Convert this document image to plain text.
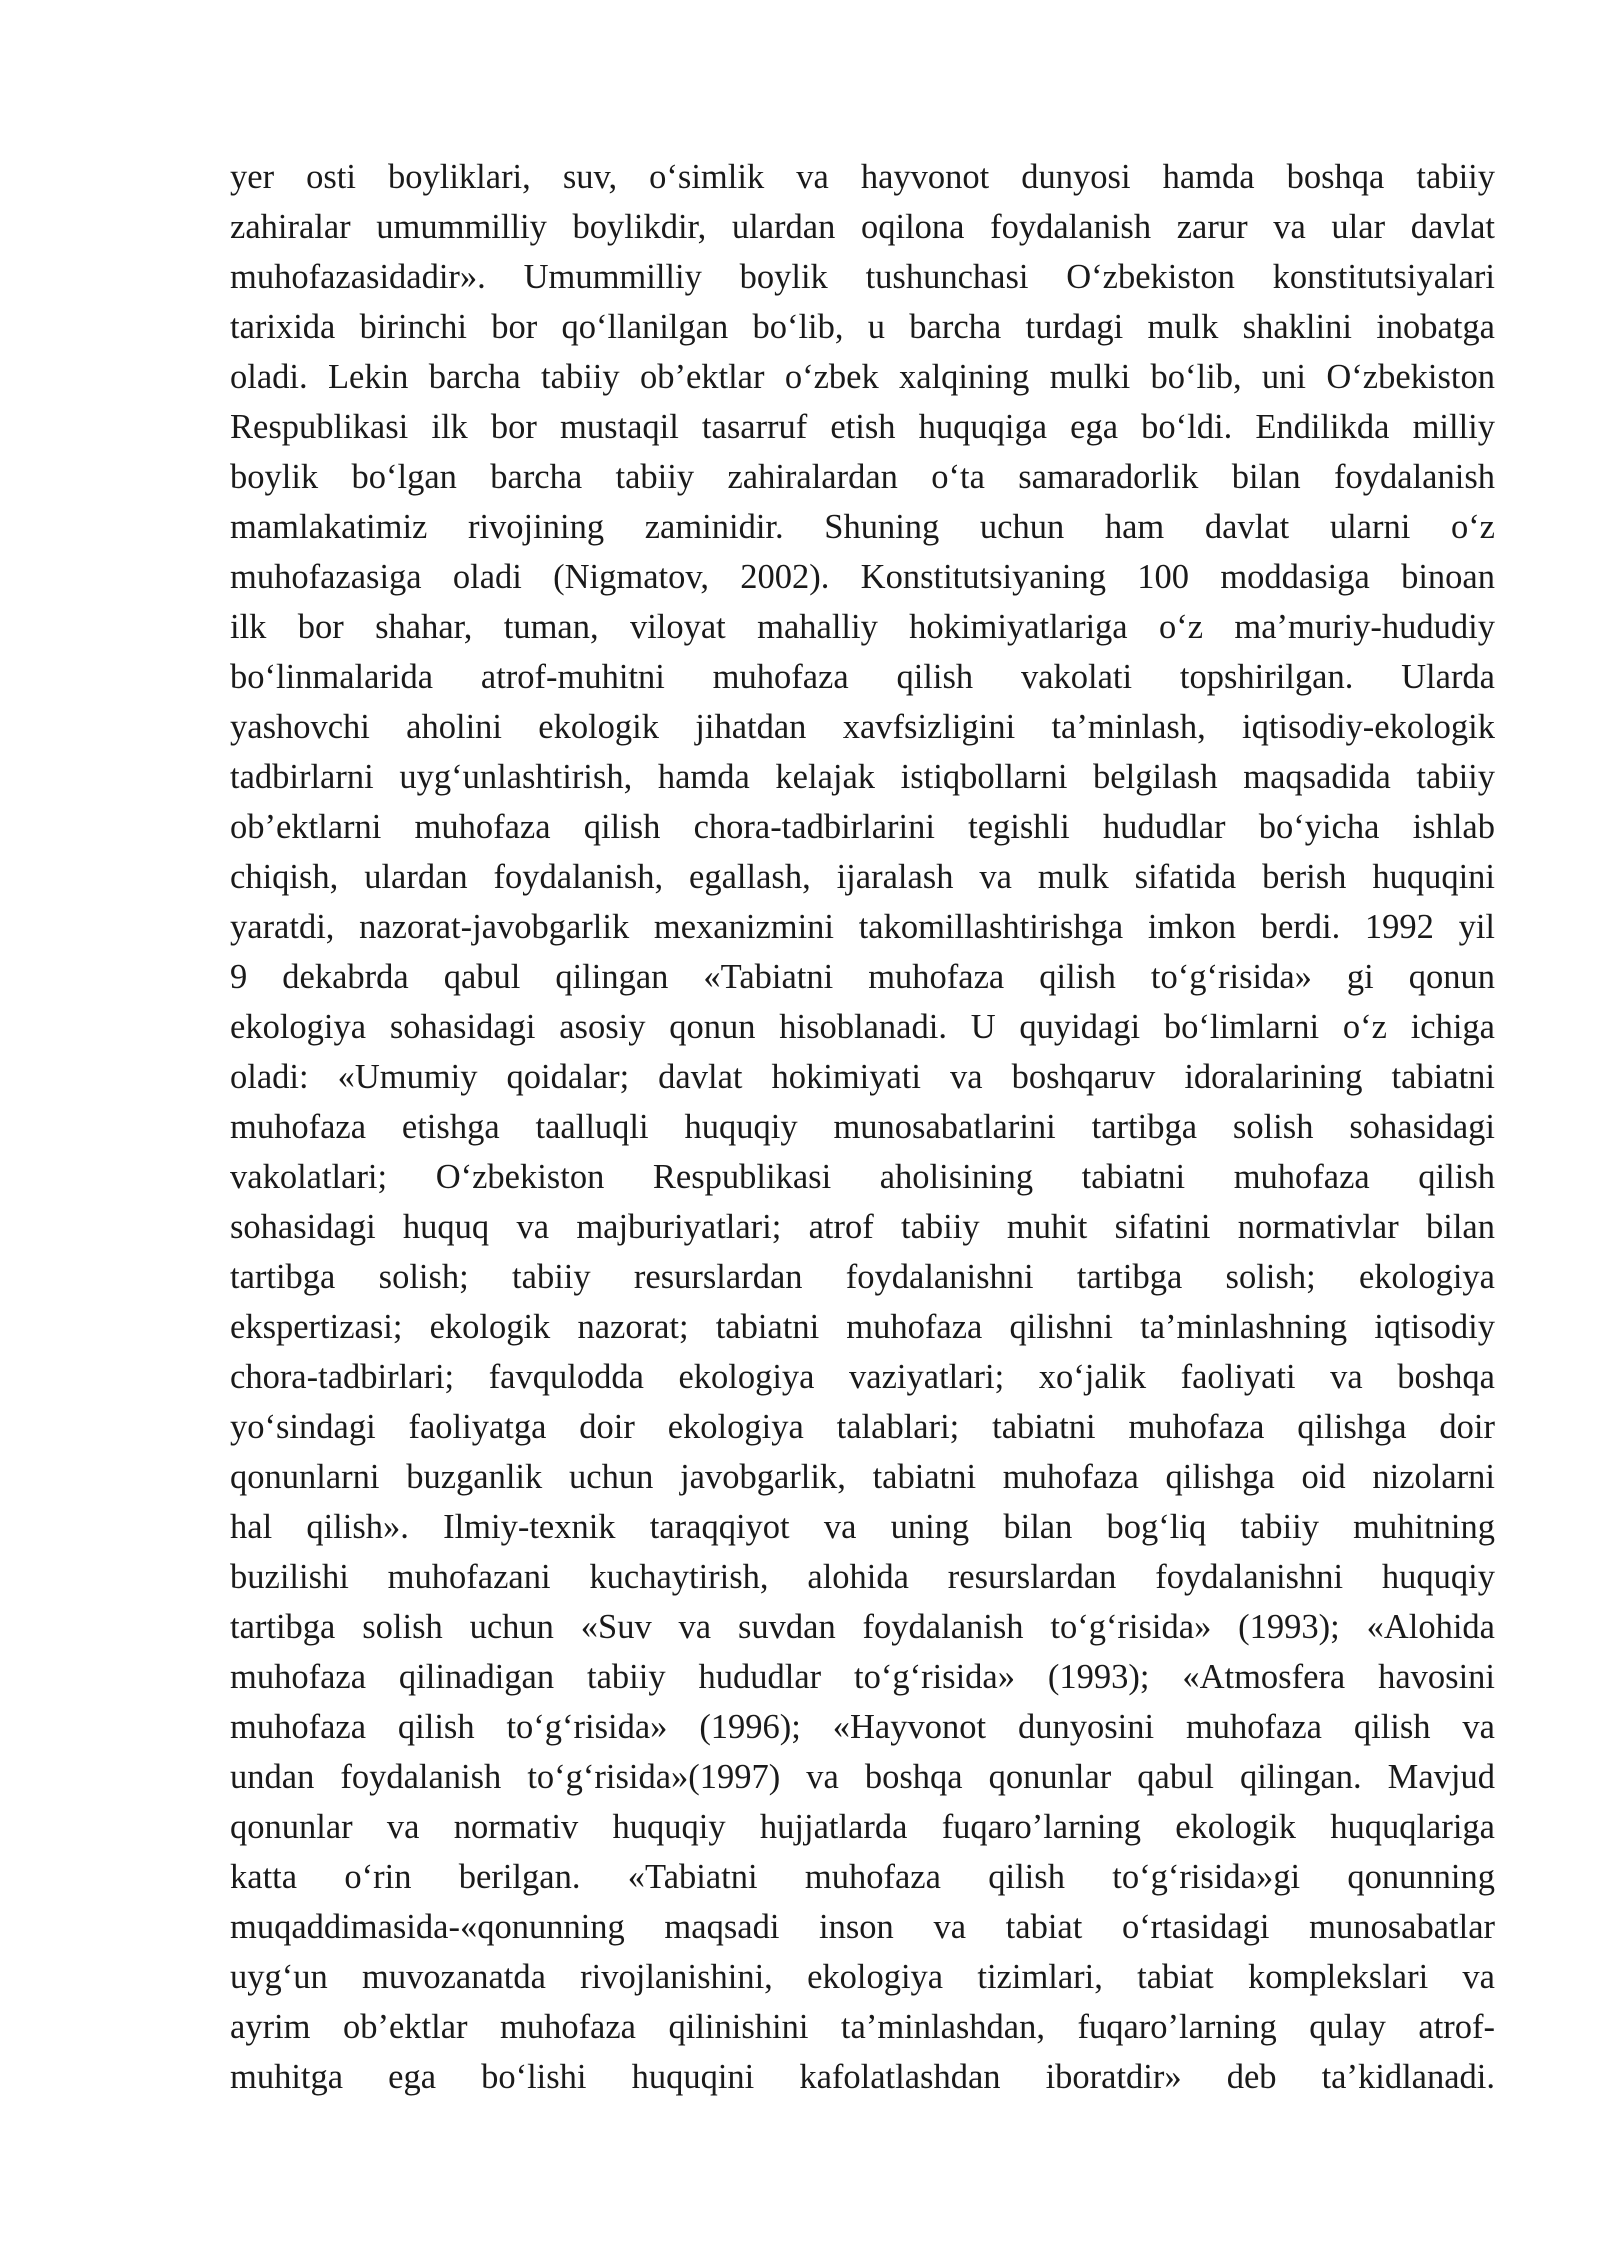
yer osti boyliklari, suv, o‘simlik va hayvonot dunyosi hamda boshqa tabiiy
zahiralar umummilliy boylikdir, ulardan oqilona foydalanish zarur va ular davlat
muhofazasidadir». Umummilliy boylik tushunchasi O‘zbekiston konstitutsiyalari
tarixida birinchi bor qo‘llanilgan bo‘lib, u barcha turdagi mulk shaklini inobatga
oladi. Lekin barcha tabiiy ob’ektlar o‘zbek xalqining mulki bo‘lib, uni O‘zbekiston
Respublikasi ilk bor mustaqil tasarruf etish huquqiga ega bo‘ldi. Endilikda milliy
boylik bo‘lgan barcha tabiiy zahiralardan o‘ta samaradorlik bilan foydalanish
mamlakatimiz rivojining zaminidir. Shuning uchun ham davlat ularni o‘z
muhofazasiga oladi (Nigmatov, 2002). Konstitutsiyaning 100 moddasiga binoan
ilk bor shahar, tuman, viloyat mahalliy hokimiyatlariga o‘z ma’muriy-hududiy
bo‘linmalarida atrof-muhitni muhofaza qilish vakolati topshirilgan. Ularda
yashovchi aholini ekologik jihatdan xavfsizligini ta’minlash, iqtisodiy-ekologik
tadbirlarni uyg‘unlashtirish, hamda kelajak istiqbollarni belgilash maqsadida tabiiy
ob’ektlarni muhofaza qilish chora-tadbirlarini tegishli hududlar bo‘yicha ishlab
chiqish, ulardan foydalanish, egallash, ijaralash va mulk sifatida berish huquqini
yaratdi, nazorat-javobgarlik mexanizmini takomillashtirishga imkon berdi. 1992 yil
9 dekabrda qabul qilingan «Tabiatni muhofaza qilish to‘g‘risida» gi qonun
ekologiya sohasidagi asosiy qonun hisoblanadi. U quyidagi bo‘limlarni o‘z ichiga
oladi: «Umumiy qoidalar; davlat hokimiyati va boshqaruv idoralarining tabiatni
muhofaza etishga taalluqli huquqiy munosabatlarini tartibga solish sohasidagi
vakolatlari; O‘zbekiston Respublikasi aholisining tabiatni muhofaza qilish
sohasidagi huquq va majburiyatlari; atrof tabiiy muhit sifatini normativlar bilan
tartibga solish; tabiiy resurslardan foydalanishni tartibga solish; ekologiya
ekspertizasi; ekologik nazorat; tabiatni muhofaza qilishni ta’minlashning iqtisodiy
chora-tadbirlari; favqulodda ekologiya vaziyatlari; xo‘jalik faoliyati va boshqa
yo‘sindagi faoliyatga doir ekologiya talablari; tabiatni muhofaza qilishga doir
qonunlarni buzganlik uchun javobgarlik, tabiatni muhofaza qilishga oid nizolarni
hal qilish». Ilmiy-texnik taraqqiyot va uning bilan bog‘liq tabiiy muhitning
buzilishi muhofazani kuchaytirish, alohida resurslardan foydalanishni huquqiy
tartibga solish uchun «Suv va suvdan foydalanish to‘g‘risida» (1993); «Alohida
muhofaza qilinadigan tabiiy hududlar to‘g‘risida» (1993); «Atmosfera havosini
muhofaza qilish to‘g‘risida» (1996); «Hayvonot dunyosini muhofaza qilish va
undan foydalanish to‘g‘risida»(1997) va boshqa qonunlar qabul qilingan. Mavjud
qonunlar va normativ huquqiy hujjatlarda fuqaro’larning ekologik huquqlariga
katta o‘rin berilgan. «Tabiatni muhofaza qilish to‘g‘risida»gi qonunning
muqaddimasida-«qonunning maqsadi inson va tabiat o‘rtasidagi munosabatlar
uyg‘un muvozanatda rivojlanishini, ekologiya tizimlari, tabiat komplekslari va
ayrim ob’ektlar muhofaza qilinishini ta’minlashdan, fuqaro’larning qulay atrof-
muhitga ega bo‘lishi huquqini kafolatlashdan iboratdir» deb ta’kidlanadi.
